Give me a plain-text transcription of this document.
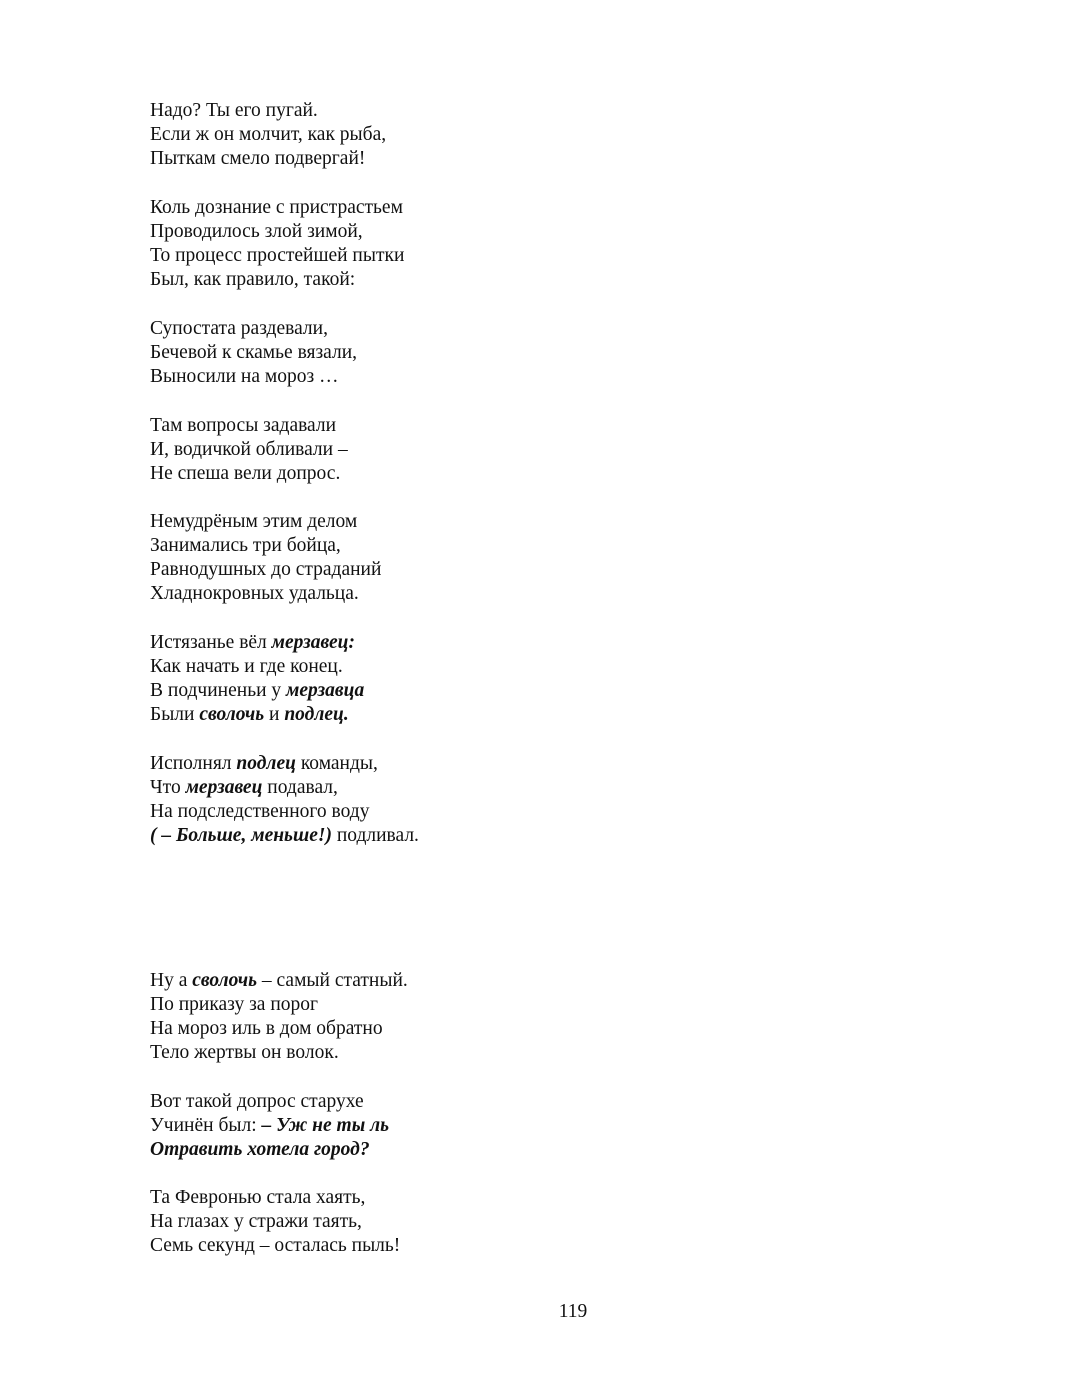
Надо? Ты его пугай.
Если ж он молчит, как рыба,
Пыткам смело подвергай!
Коль дознание с пристрастьем
Проводилось злой зимой,
То процесс простейшей пытки
Был, как правило, такой:
Супостата раздевали,
Бечевой к скамье вязали,
Выносили на мороз …
Там вопросы задавали
И, водичкой обливали –
Не спеша вели допрос.
Немудрёным этим делом
Занимались три бойца,
Равнодушных до страданий
Хладнокровных удальца.
Истязанье вёл мерзавец:
Как начать и где конец.
В подчиненьи у мерзавца
Были сволочь и подлец.
Исполнял подлец команды,
Что мерзавец подавал,
На подследственного воду
( – Больше, меньше!) подливал.
Ну а сволочь – самый статный.
По приказу за порог
На мороз иль в дом обратно
Тело жертвы он волок.
Вот такой допрос старухе
Учинён был: – Уж не ты ль
Отравить хотела город?
Та Февронью стала хаять,
На глазах у стражи таять,
Семь секунд – осталась пыль!
119
